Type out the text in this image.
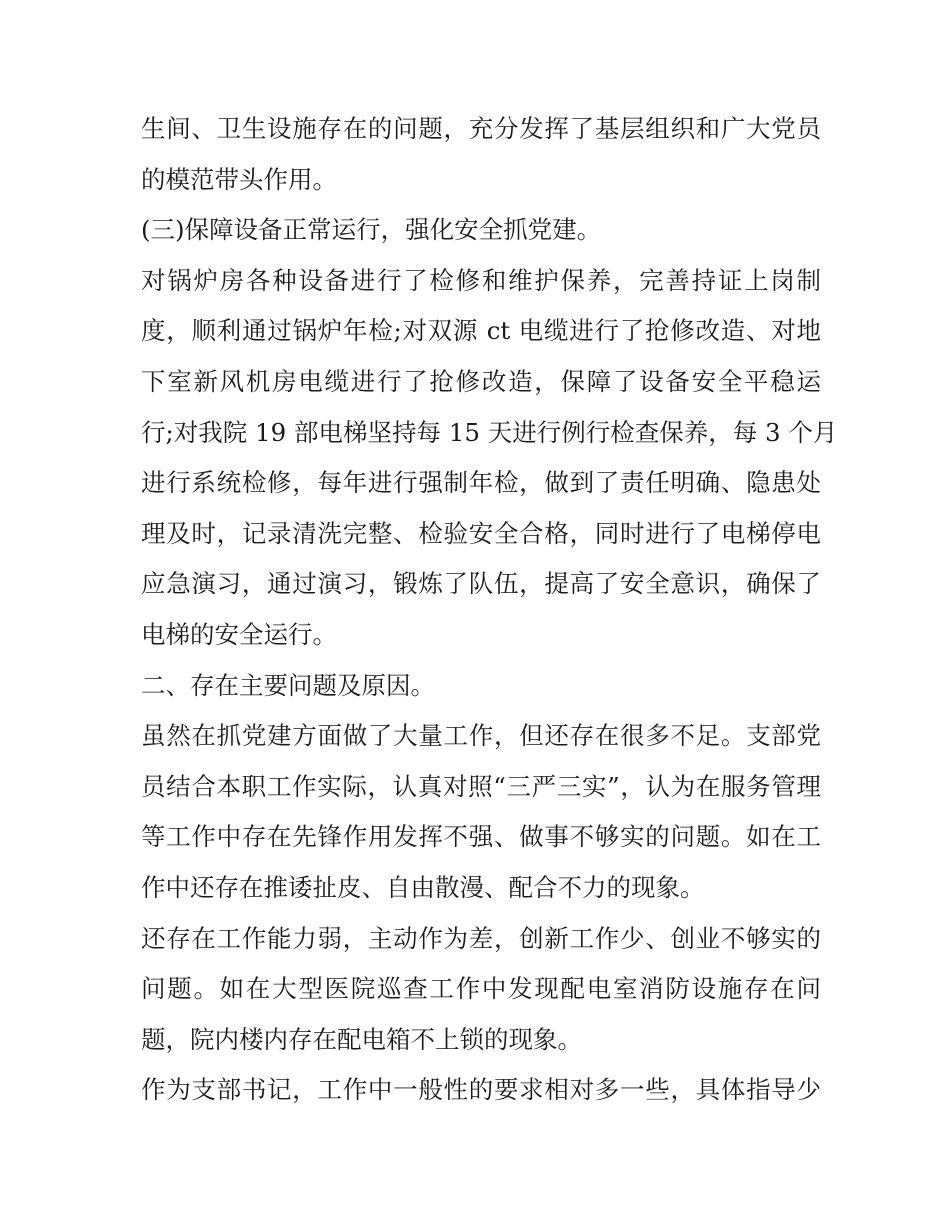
生间、卫生设施存在的问题，充分发挥了基层组织和广大党员
的模范带头作用。
(三)保障设备正常运行，强化安全抓党建。
对锅炉房各种设备进行了检修和维护保养，完善持证上岗制
度，顺利通过锅炉年检;对双源 ct 电缆进行了抢修改造、对地
下室新风机房电缆进行了抢修改造，保障了设备安全平稳运
行;对我院 19 部电梯坚持每 15 天进行例行检查保养，每 3 个月
进行系统检修，每年进行强制年检，做到了责任明确、隐患处
理及时，记录清洗完整、检验安全合格，同时进行了电梯停电
应急演习，通过演习，锻炼了队伍，提高了安全意识，确保了
电梯的安全运行。
二、存在主要问题及原因。
虽然在抓党建方面做了大量工作，但还存在很多不足。支部党
员结合本职工作实际，认真对照“三严三实”，认为在服务管理
等工作中存在先锋作用发挥不强、做事不够实的问题。如在工
作中还存在推诿扯皮、自由散漫、配合不力的现象。
还存在工作能力弱，主动作为差，创新工作少、创业不够实的
问题。如在大型医院巡查工作中发现配电室消防设施存在问
题，院内楼内存在配电箱不上锁的现象。
作为支部书记，工作中一般性的要求相对多一些，具体指导少
